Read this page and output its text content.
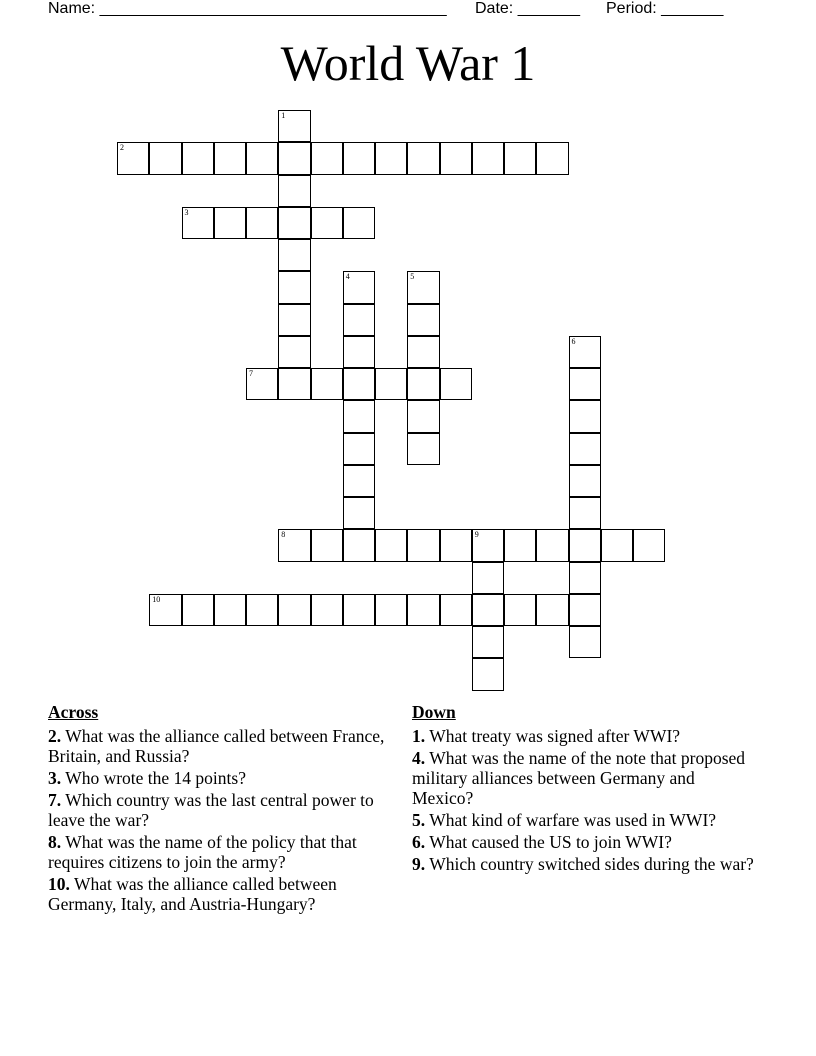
Name: _______________________________________ Date: _______ Period: _______
World War 1
1
2
3
4	5
6
7
8	9
10
Across
2. What was the alliance called between France, Britain, and Russia?
3. Who wrote the 14 points?
7. Which country was the last central power to leave the war?
8. What was the name of the policy that that requires citizens to join the army?
10. What was the alliance called between Germany, Italy, and Austria-Hungary?
Down
1. What treaty was signed after WWI?
4. What was the name of the note that proposed military alliances between Germany and Mexico?
5. What kind of warfare was used in WWI?
6. What caused the US to join WWI?
9. Which country switched sides during the war?
